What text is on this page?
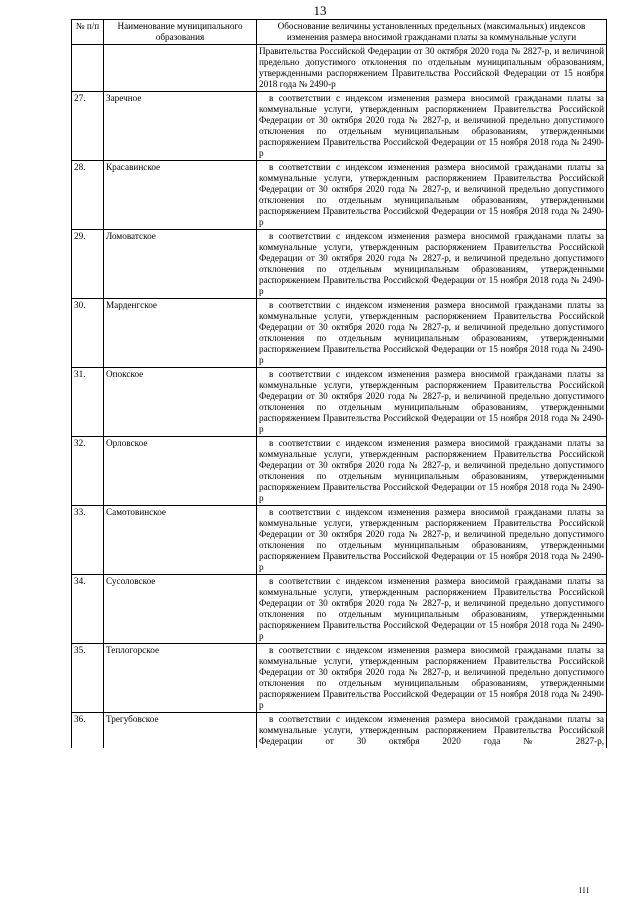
13
№ п/п	Наименование муниципального образования	Обоснование величины установленных предельных (максимальных) индексов изменения размера вносимой гражданами платы за коммунальные услуги
		Правительства Российской Федерации от 30 октября 2020 года № 2827-р, и величиной предельно допустимого отклонения по отдельным муниципальным образованиям, утвержденными распоряжением Правительства Российской Федерации от 15 ноября 2018 года № 2490-р
27.	Заречное	в соответствии с индексом изменения размера вносимой гражданами платы за коммунальные услуги, утвержденным распоряжением Правительства Российской Федерации от 30 октября 2020 года № 2827-р, и величиной предельно допустимого отклонения по отдельным муниципальным образованиям, утвержденными распоряжением Правительства Российской Федерации от 15 ноября 2018 года № 2490-р
28.	Красавинское	в соответствии с индексом изменения размера вносимой гражданами платы за коммунальные услуги, утвержденным распоряжением Правительства Российской Федерации от 30 октября 2020 года № 2827-р, и величиной предельно допустимого отклонения по отдельным муниципальным образованиям, утвержденными распоряжением Правительства Российской Федерации от 15 ноября 2018 года № 2490-р
29.	Ломоватское	в соответствии с индексом изменения размера вносимой гражданами платы за коммунальные услуги, утвержденным распоряжением Правительства Российской Федерации от 30 октября 2020 года № 2827-р, и величиной предельно допустимого отклонения по отдельным муниципальным образованиям, утвержденными распоряжением Правительства Российской Федерации от 15 ноября 2018 года № 2490-р
30.	Марденгское	в соответствии с индексом изменения размера вносимой гражданами платы за коммунальные услуги, утвержденным распоряжением Правительства Российской Федерации от 30 октября 2020 года № 2827-р, и величиной предельно допустимого отклонения по отдельным муниципальным образованиям, утвержденными распоряжением Правительства Российской Федерации от 15 ноября 2018 года № 2490-р
31.	Опокское	в соответствии с индексом изменения размера вносимой гражданами платы за коммунальные услуги, утвержденным распоряжением Правительства Российской Федерации от 30 октября 2020 года № 2827-р, и величиной предельно допустимого отклонения по отдельным муниципальным образованиям, утвержденными распоряжением Правительства Российской Федерации от 15 ноября 2018 года № 2490-р
32.	Орловское	в соответствии с индексом изменения размера вносимой гражданами платы за коммунальные услуги, утвержденным распоряжением Правительства Российской Федерации от 30 октября 2020 года № 2827-р, и величиной предельно допустимого отклонения по отдельным муниципальным образованиям, утвержденными распоряжением Правительства Российской Федерации от 15 ноября 2018 года № 2490-р
33.	Самотовинское	в соответствии с индексом изменения размера вносимой гражданами платы за коммунальные услуги, утвержденным распоряжением Правительства Российской Федерации от 30 октября 2020 года № 2827-р, и величиной предельно допустимого отклонения по отдельным муниципальным образованиям, утвержденными распоряжением Правительства Российской Федерации от 15 ноября 2018 года № 2490-р
34.	Сусоловское	в соответствии с индексом изменения размера вносимой гражданами платы за коммунальные услуги, утвержденным распоряжением Правительства Российской Федерации от 30 октября 2020 года № 2827-р, и величиной предельно допустимого отклонения по отдельным муниципальным образованиям, утвержденными распоряжением Правительства Российской Федерации от 15 ноября 2018 года № 2490-р
35.	Теплогорское	в соответствии с индексом изменения размера вносимой гражданами платы за коммунальные услуги, утвержденным распоряжением Правительства Российской Федерации от 30 октября 2020 года № 2827-р, и величиной предельно допустимого отклонения по отдельным муниципальным образованиям, утвержденными распоряжением Правительства Российской Федерации от 15 ноября 2018 года № 2490-р
36.	Трегубовское	в соответствии с индексом изменения размера вносимой гражданами платы за коммунальные услуги, утвержденным распоряжением Правительства Российской Федерации от 30 октября 2020 года № 2827-р,
ІІІ
